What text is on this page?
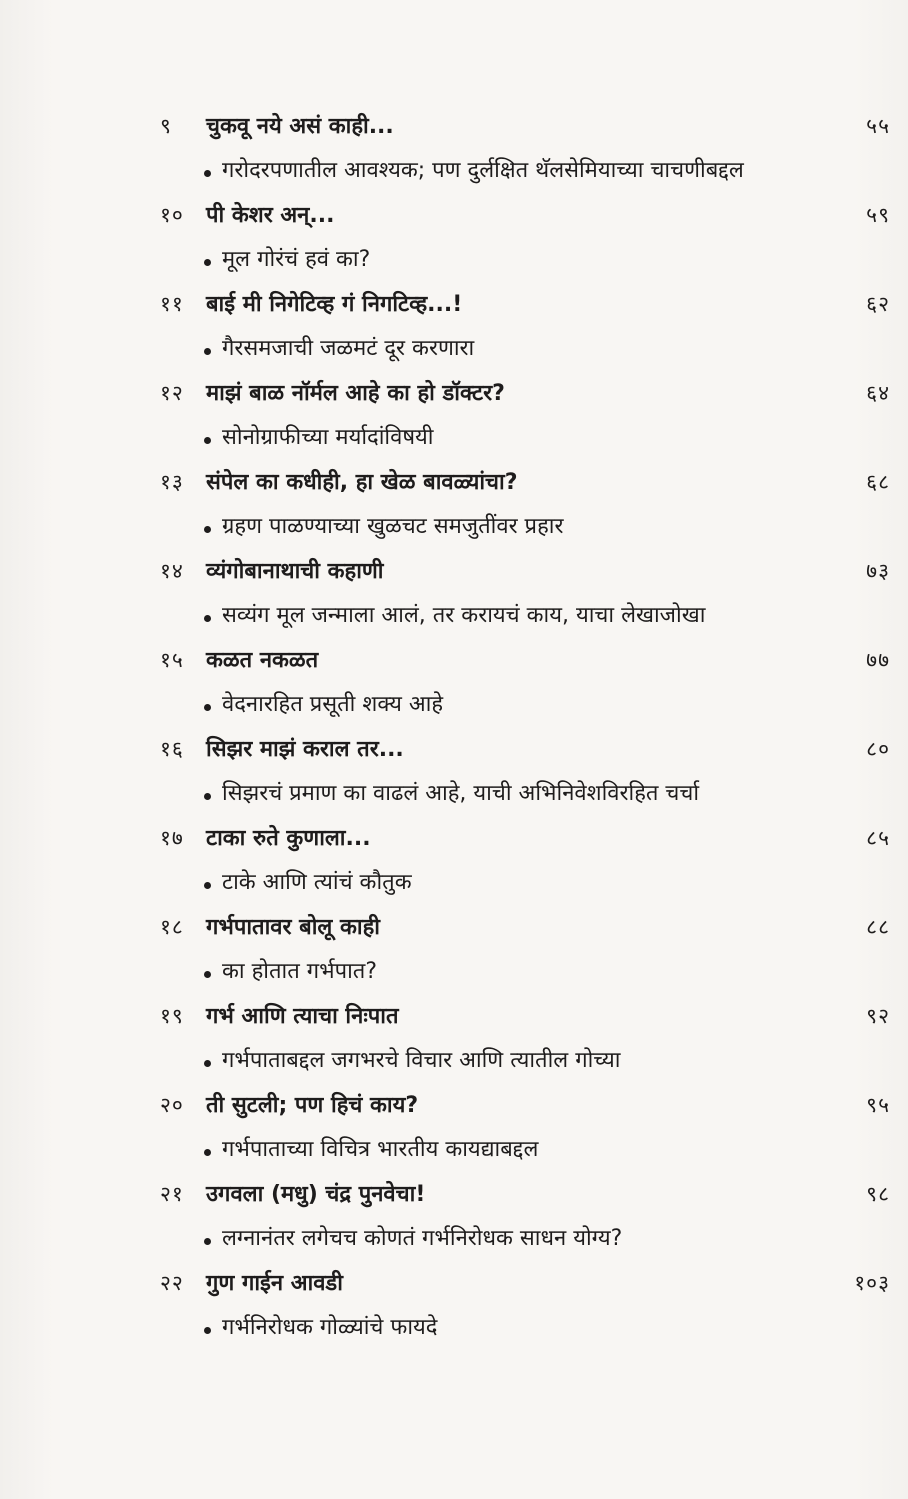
९	चुकवू नये असं काही...	५५
गरोदरपणातील आवश्यक; पण दुर्लक्षित थॅलसेमियाच्या चाचणीबद्दल
१०	पी केशर अन्...	५९
मूल गोरंचं हवं का?
११	बाई मी निगेटिव्ह गं निगटिव्ह...!	६२
गैरसमजाची जळमटं दूर करणारा
१२	माझं बाळ नॉर्मल आहे का हो डॉक्टर?	६४
सोनोग्राफीच्या मर्यादांविषयी
१३	संपेल का कधीही, हा खेळ बावळ्यांचा?	६८
ग्रहण पाळण्याच्या खुळचट समजुतींवर प्रहार
१४	व्यंगोबानाथाची कहाणी	७३
सव्यंग मूल जन्माला आलं, तर करायचं काय, याचा लेखाजोखा
१५	कळत नकळत	७७
वेदनारहित प्रसूती शक्य आहे
१६	सिझर माझं कराल तर...	८०
सिझरचं प्रमाण का वाढलं आहे, याची अभिनिवेशविरहित चर्चा
१७	टाका रुते कुणाला...	८५
टाके आणि त्यांचं कौतुक
१८	गर्भपातावर बोलू काही	८८
का होतात गर्भपात?
१९	गर्भ आणि त्याचा निःपात	९२
गर्भपाताबद्दल जगभरचे विचार आणि त्यातील गोच्या
२०	ती सुटली; पण हिचं काय?	९५
गर्भपाताच्या विचित्र भारतीय कायद्याबद्दल
२१	उगवला (मधु) चंद्र पुनवेचा!	९८
लग्नानंतर लगेचच कोणतं गर्भनिरोधक साधन योग्य?
२२	गुण गाईन आवडी	१०३
गर्भनिरोधक गोळ्यांचे फायदे
